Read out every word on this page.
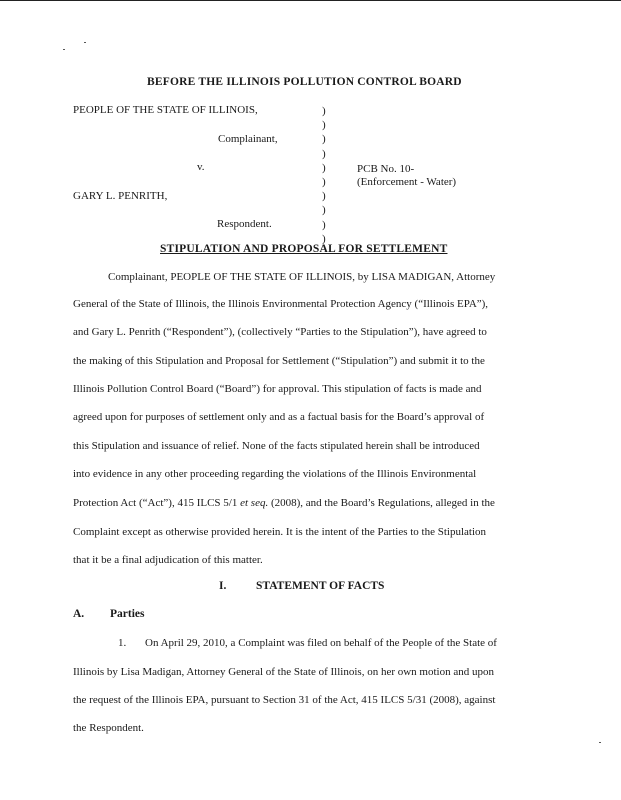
BEFORE THE ILLINOIS POLLUTION CONTROL BOARD
PEOPLE OF THE STATE OF ILLINOIS,
Complainant,
v.
GARY L. PENRITH,
Respondent.
PCB No. 10-
(Enforcement - Water)
)
)
)
)
)
)
)
)
)
)
STIPULATION AND PROPOSAL FOR SETTLEMENT
Complainant, PEOPLE OF THE STATE OF ILLINOIS, by LISA MADIGAN, Attorney
General of the State of Illinois, the Illinois Environmental Protection Agency (“Illinois EPA”),
and Gary L. Penrith (“Respondent”), (collectively “Parties to the Stipulation”), have agreed to
the making of this Stipulation and Proposal for Settlement (“Stipulation”) and submit it to the
Illinois Pollution Control Board (“Board”) for approval. This stipulation of facts is made and
agreed upon for purposes of settlement only and as a factual basis for the Board’s approval of
this Stipulation and issuance of relief. None of the facts stipulated herein shall be introduced
into evidence in any other proceeding regarding the violations of the Illinois Environmental
Protection Act (“Act”), 415 ILCS 5/1 et seq. (2008), and the Board’s Regulations, alleged in the
Complaint except as otherwise provided herein. It is the intent of the Parties to the Stipulation
that it be a final adjudication of this matter.
I.	STATEMENT OF FACTS
A. Parties
1. On April 29, 2010, a Complaint was filed on behalf of the People of the State of
Illinois by Lisa Madigan, Attorney General of the State of Illinois, on her own motion and upon
the request of the Illinois EPA, pursuant to Section 31 of the Act, 415 ILCS 5/31 (2008), against
the Respondent.
